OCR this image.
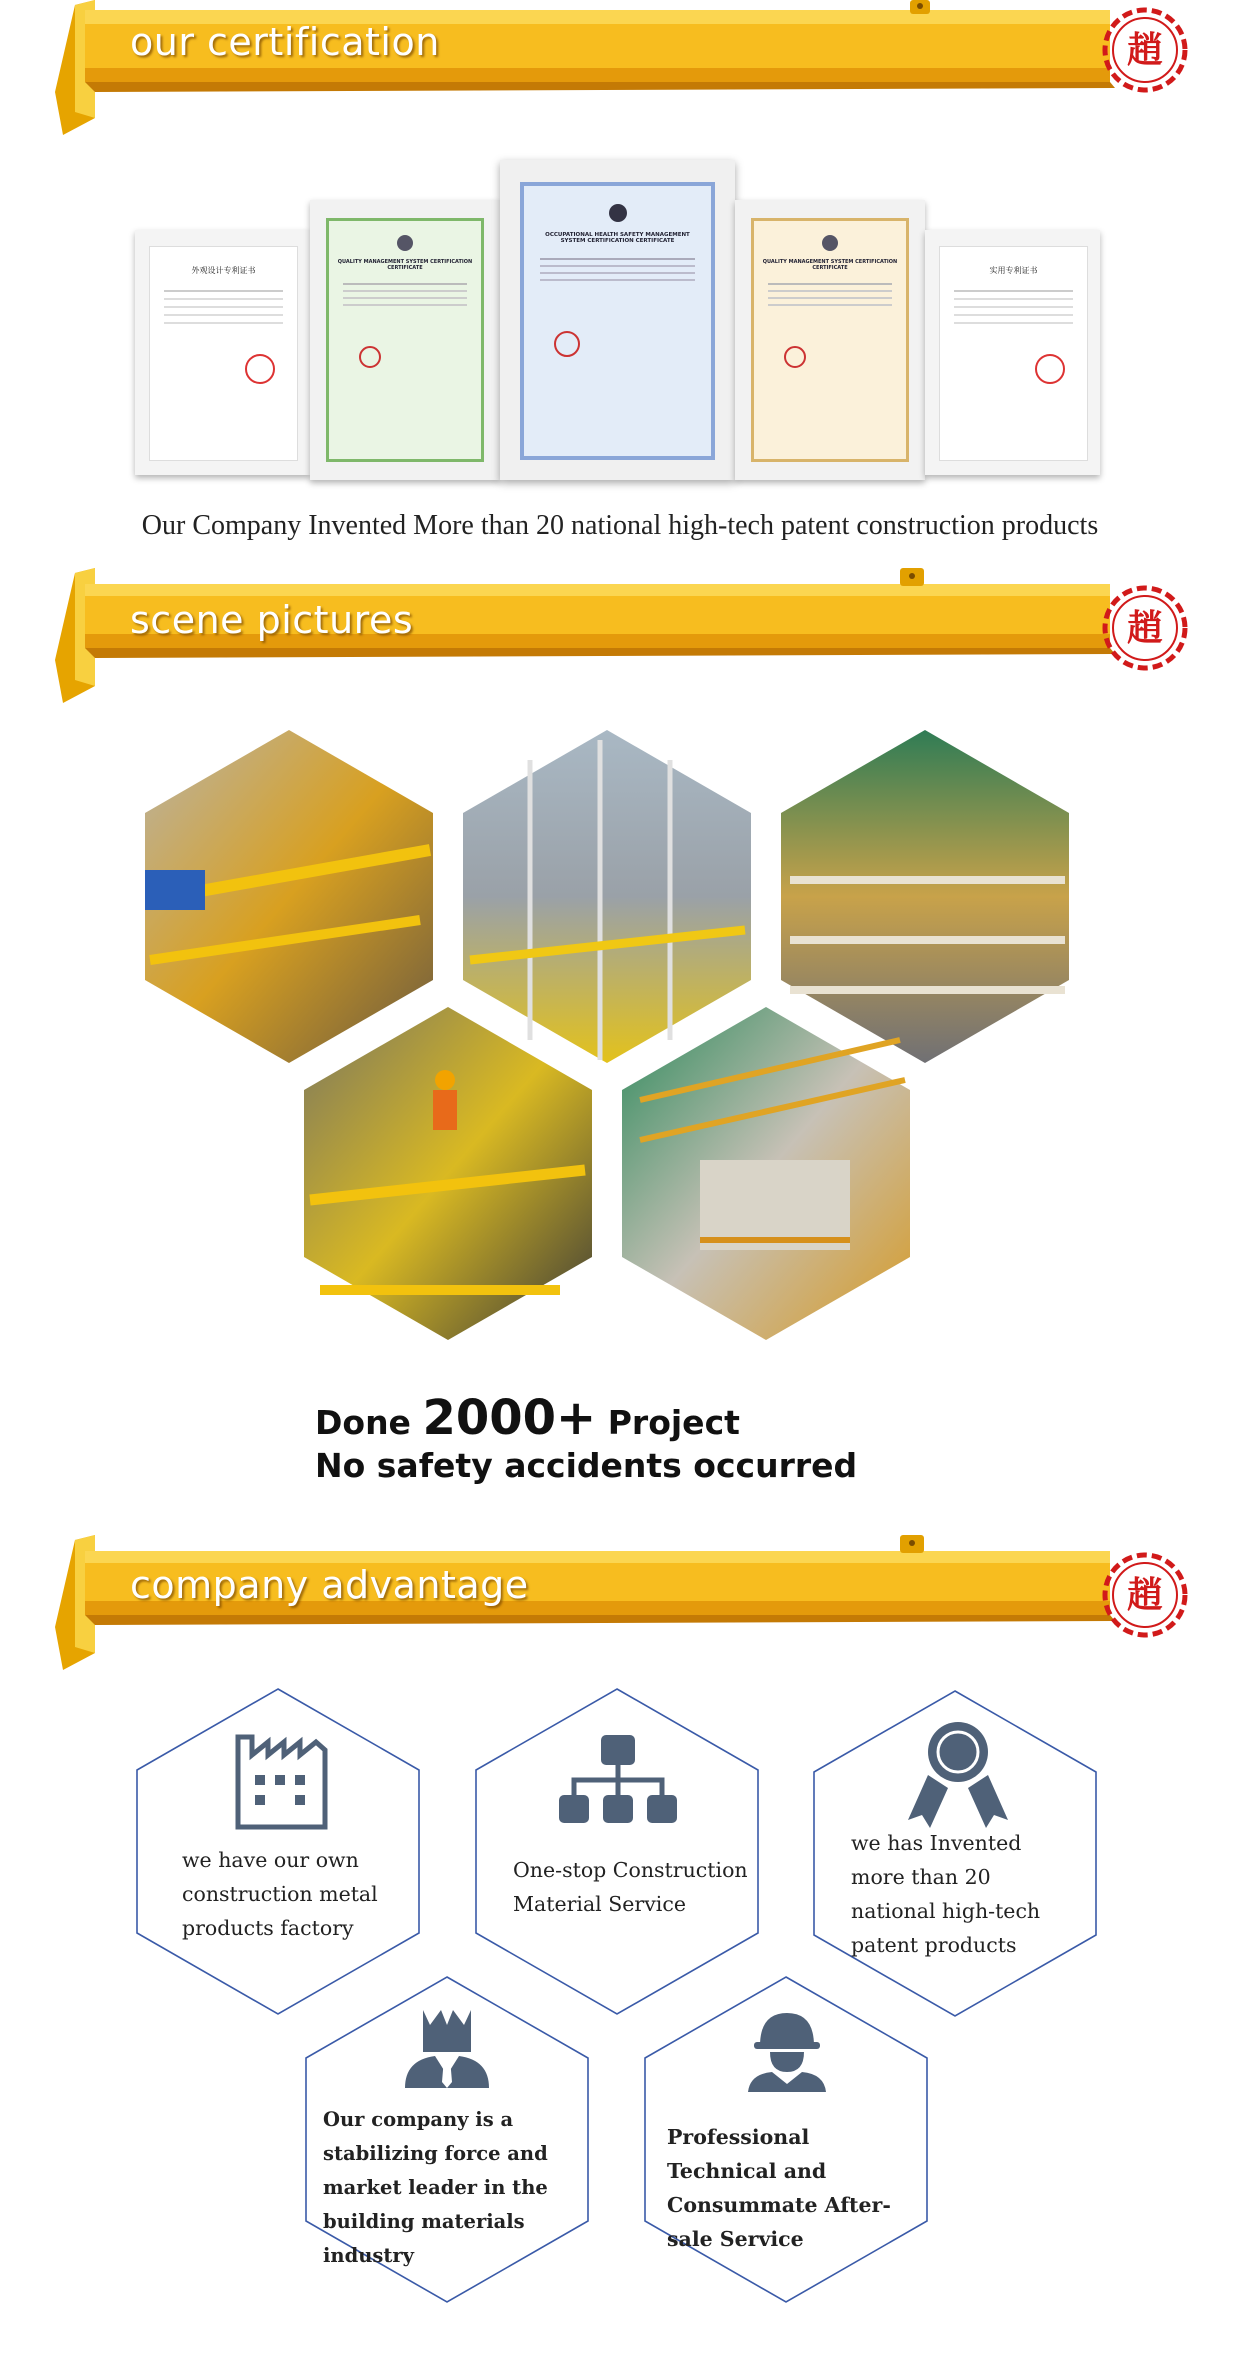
our certification	趙
外观设计专利证书
QUALITY MANAGEMENT SYSTEM CERTIFICATION CERTIFICATE
OCCUPATIONAL HEALTH SAFETY MANAGEMENT SYSTEM CERTIFICATION CERTIFICATE
QUALITY MANAGEMENT SYSTEM CERTIFICATION CERTIFICATE	实用专利证书
Our Company Invented More than 20 national high-tech patent construction products
scene pictures	趙
Done 2000+ Project
No safety accidents occurred
company advantage	趙
we have our own construction metal products factory
One-stop Construction Material Service
we has Invented more than 20 national high-tech patent products
Our company is a stabilizing force and market leader in the building materials industry
Professional Technical and Consummate After-sale Service
